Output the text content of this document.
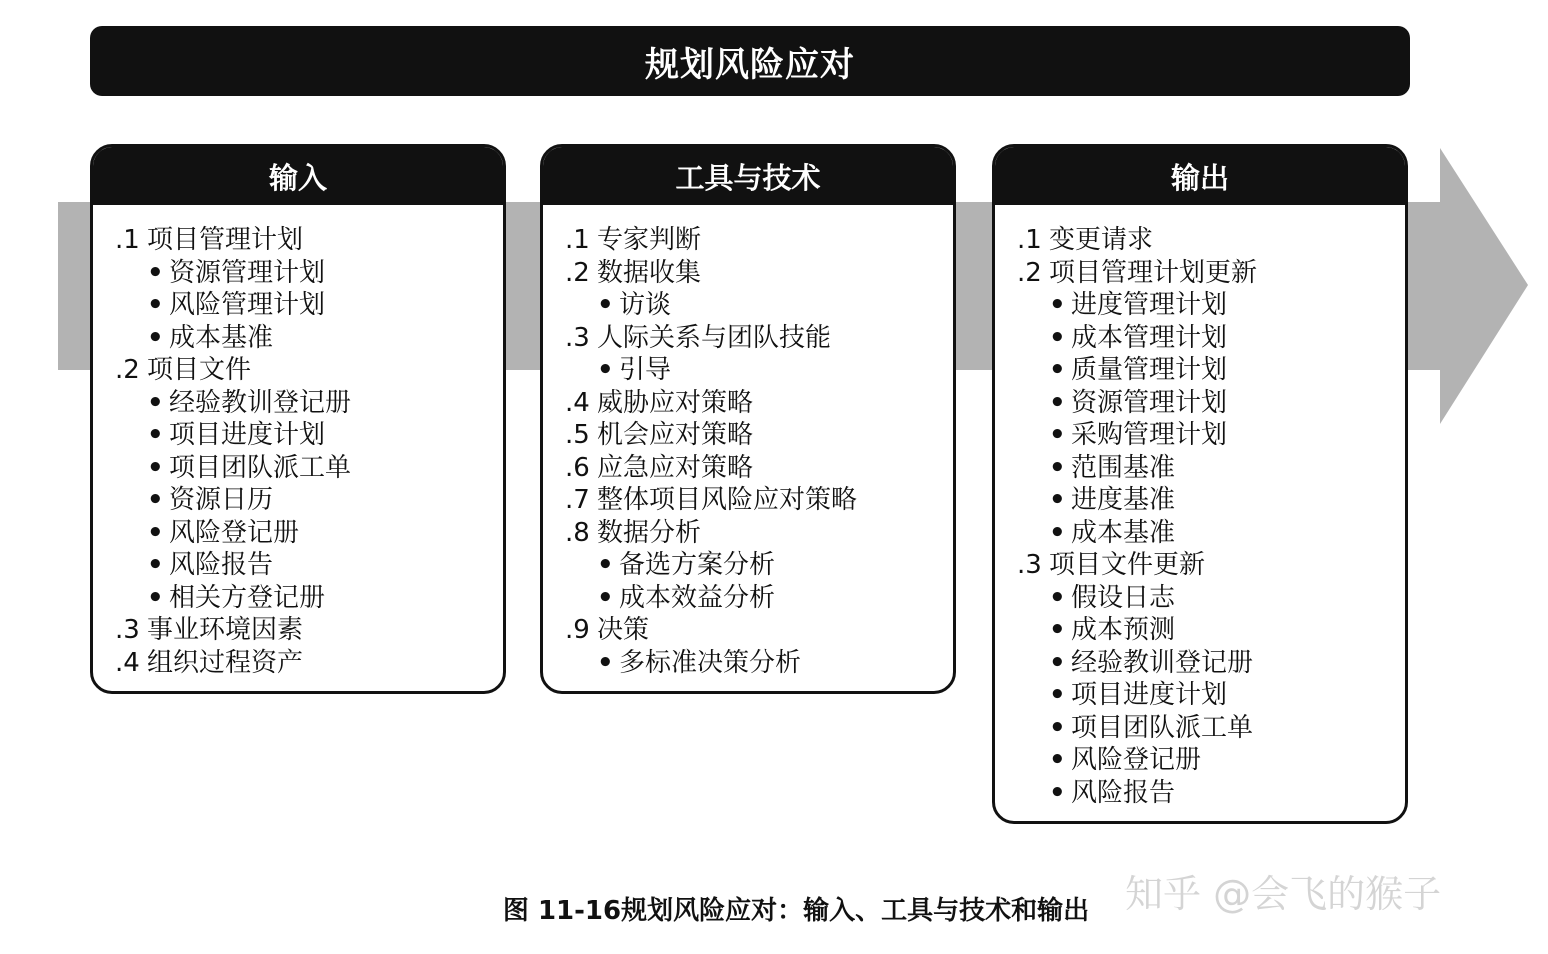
规划风险应对
输入
.1 项目管理计划
• 资源管理计划
• 风险管理计划
• 成本基准
.2 项目文件
• 经验教训登记册
• 项目进度计划
• 项目团队派工单
• 资源日历
• 风险登记册
• 风险报告
• 相关方登记册
.3 事业环境因素
.4 组织过程资产
工具与技术
.1 专家判断
.2 数据收集
• 访谈
.3 人际关系与团队技能
• 引导
.4 威胁应对策略
.5 机会应对策略
.6 应急应对策略
.7 整体项目风险应对策略
.8 数据分析
• 备选方案分析
• 成本效益分析
.9 决策
• 多标准决策分析
输出
.1 变更请求
.2 项目管理计划更新
• 进度管理计划
• 成本管理计划
• 质量管理计划
• 资源管理计划
• 采购管理计划
• 范围基准
• 进度基准
• 成本基准
.3 项目文件更新
• 假设日志
• 成本预测
• 经验教训登记册
• 项目进度计划
• 项目团队派工单
• 风险登记册
• 风险报告
图 11-16规划风险应对：输入、工具与技术和输出 知乎 @会飞的猴子
